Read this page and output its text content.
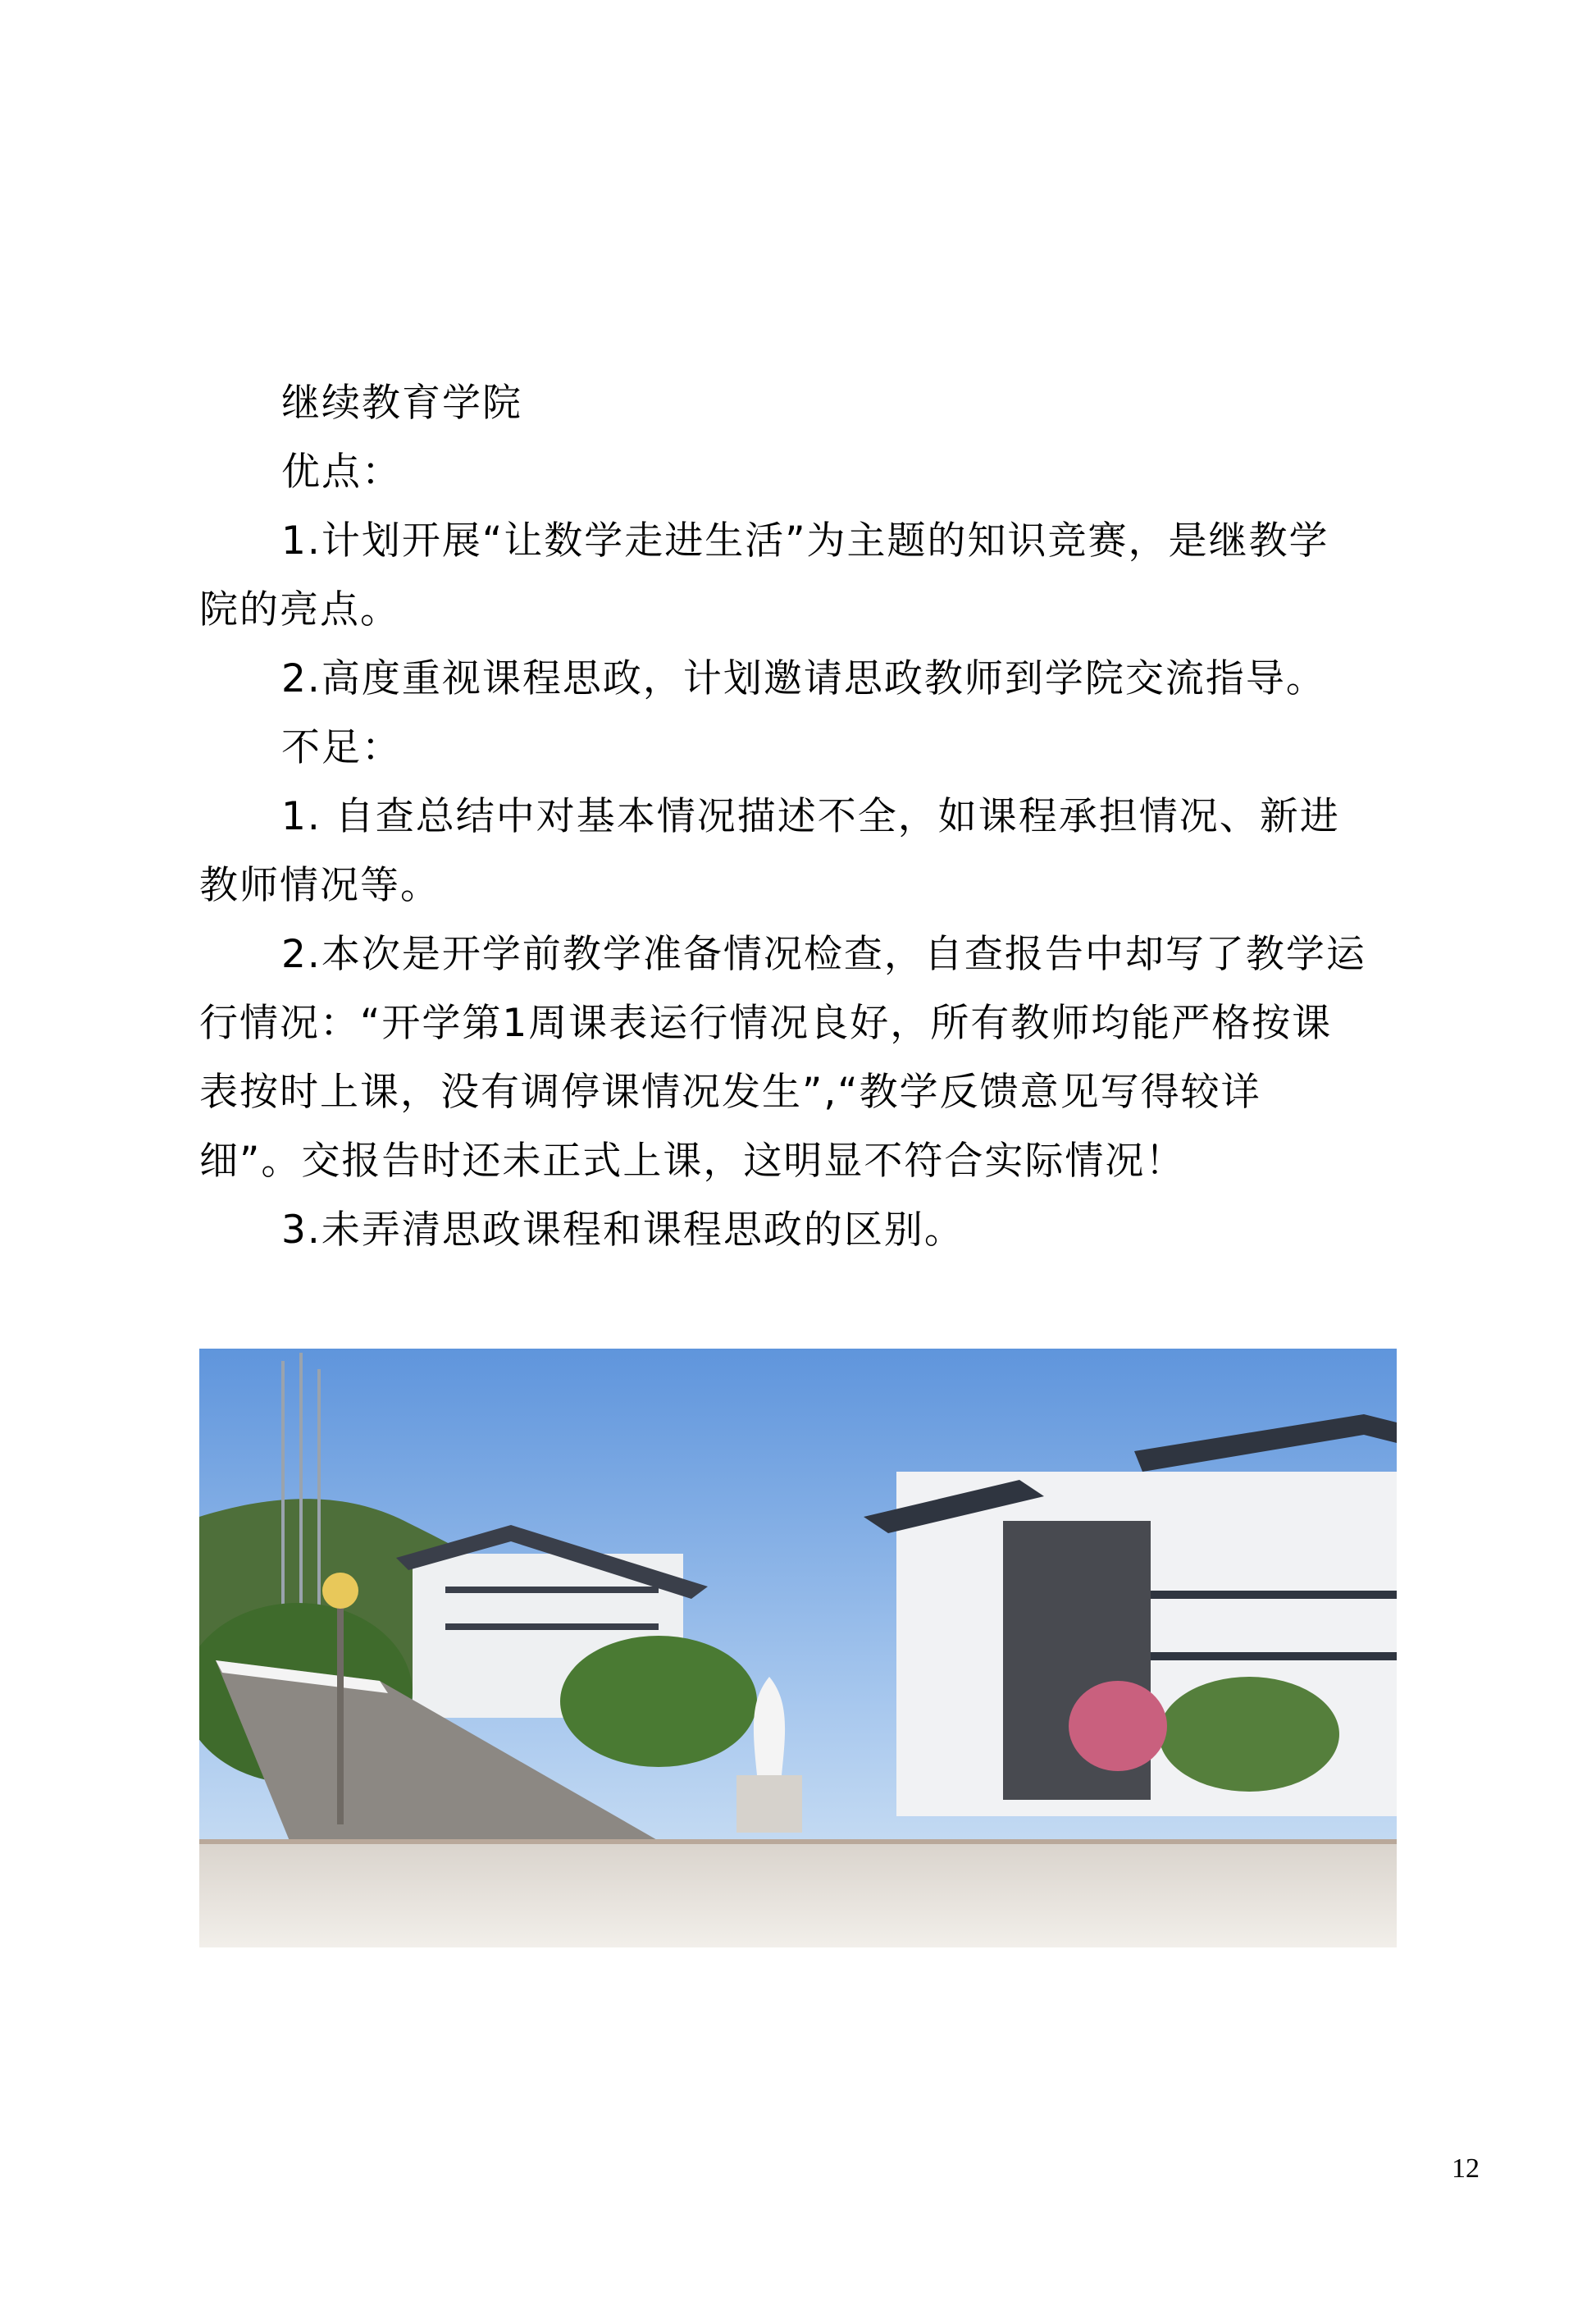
继续教育学院
优点：
1.计划开展“让数学走进生活”为主题的知识竞赛，是继教学
院的亮点。
2.高度重视课程思政，计划邀请思政教师到学院交流指导。
不足：
1. 自查总结中对基本情况描述不全，如课程承担情况、新进
教师情况等。
2.本次是开学前教学准备情况检查，自查报告中却写了教学运
行情况：“开学第1周课表运行情况良好，所有教师均能严格按课
表按时上课，没有调停课情况发生”,“教学反馈意见写得较详
细”。交报告时还未正式上课，这明显不符合实际情况！
3.未弄清思政课程和课程思政的区别。
12
